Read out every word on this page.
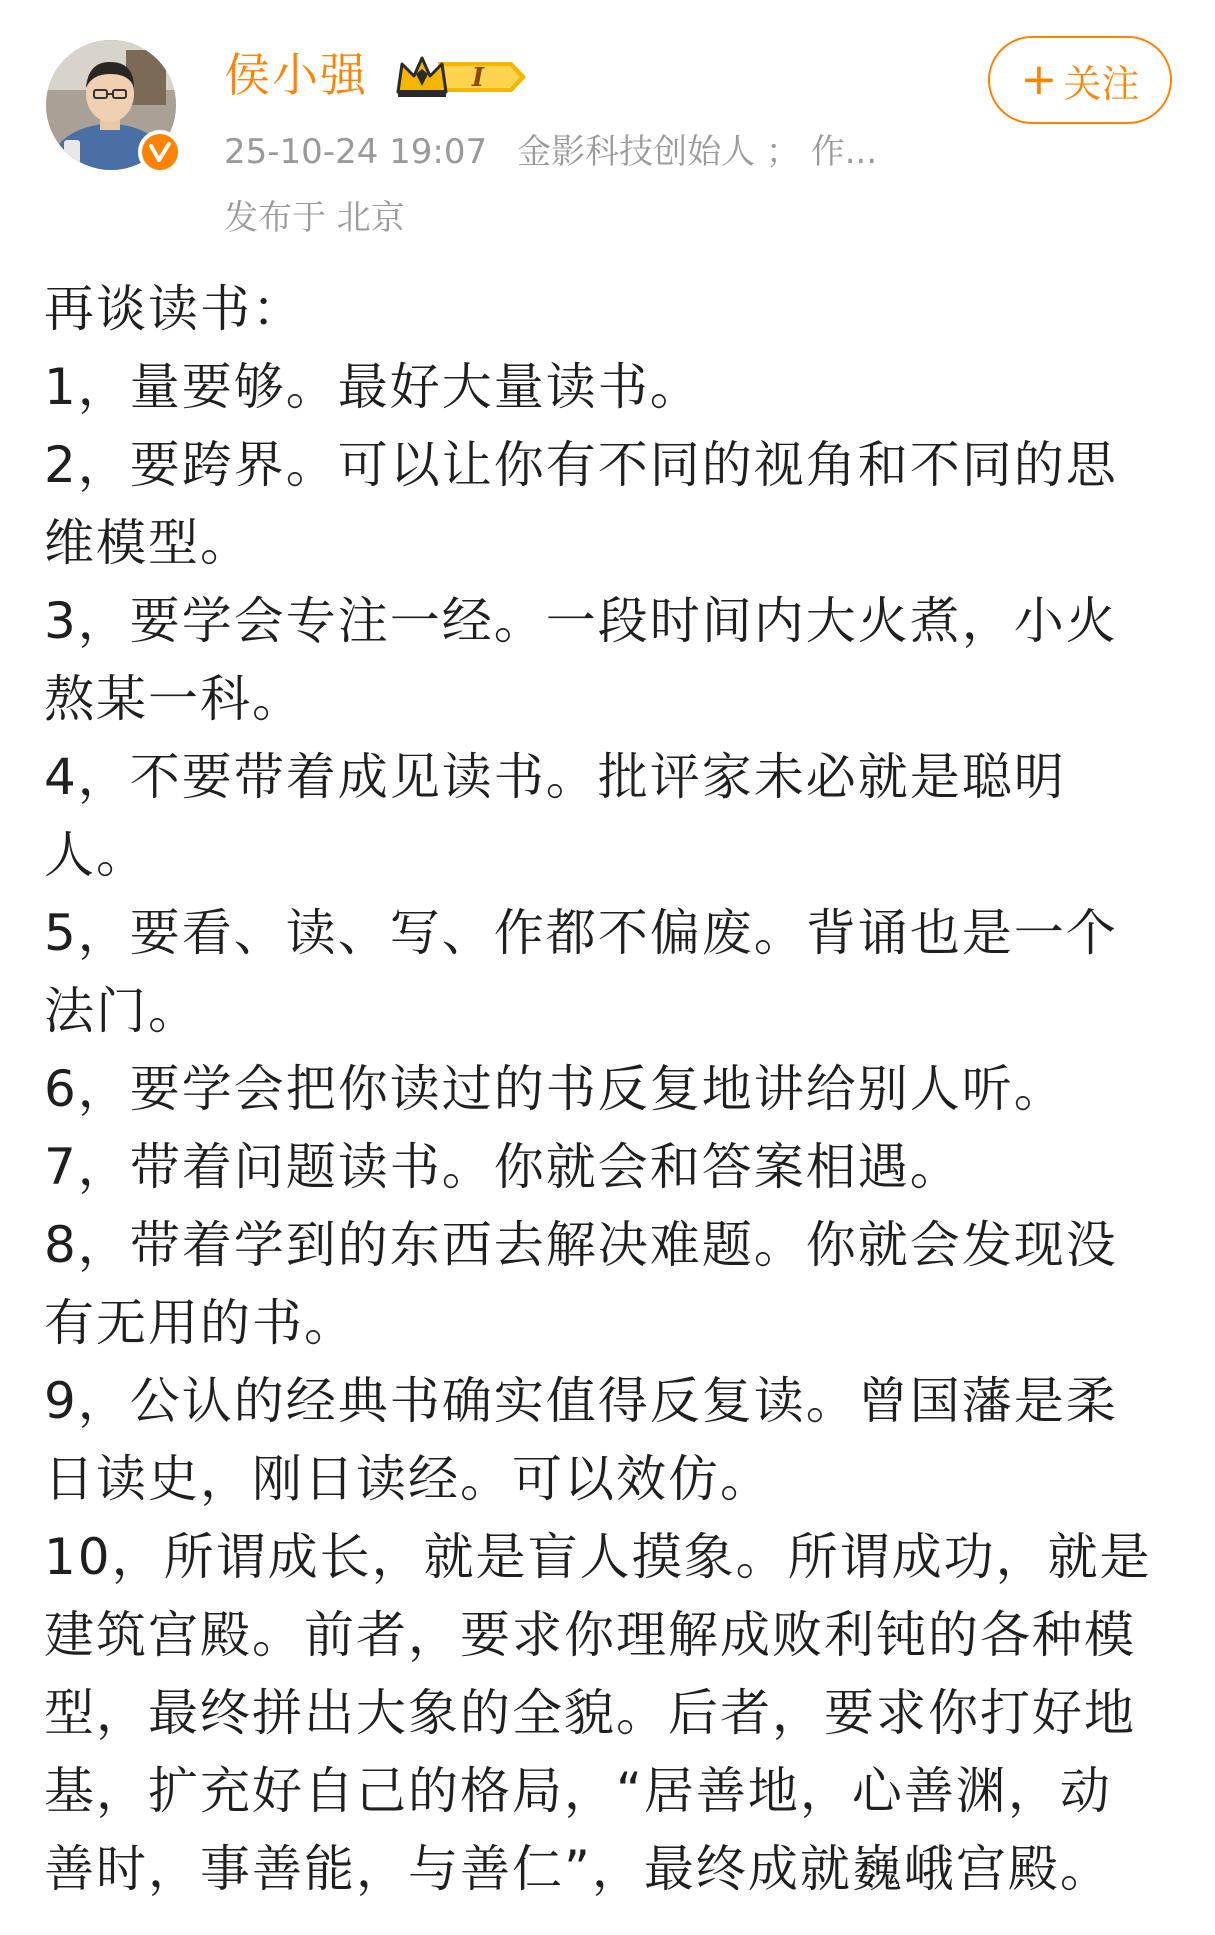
侯小强	I
25-10-24 19:07 金影科技创始人 ； 作...
发布于 北京
+ 关注

再谈读书：

1，量要够。最好大量读书。

2，要跨界。可以让你有不同的视角和不同的思

维模型。

3，要学会专注一经。一段时间内大火煮，小火

熬某一科。

4，不要带着成见读书。批评家未必就是聪明

人。

5，要看、读、写、作都不偏废。背诵也是一个

法门。

6，要学会把你读过的书反复地讲给别人听。

7，带着问题读书。你就会和答案相遇。

8，带着学到的东西去解决难题。你就会发现没

有无用的书。

9，公认的经典书确实值得反复读。曾国藩是柔

日读史，刚日读经。可以效仿。

10，所谓成长，就是盲人摸象。所谓成功，就是

建筑宫殿。前者，要求你理解成败利钝的各种模

型，最终拼出大象的全貌。后者，要求你打好地

基，扩充好自己的格局，“居善地，心善渊，动

善时，事善能，与善仁”，最终成就巍峨宫殿。
